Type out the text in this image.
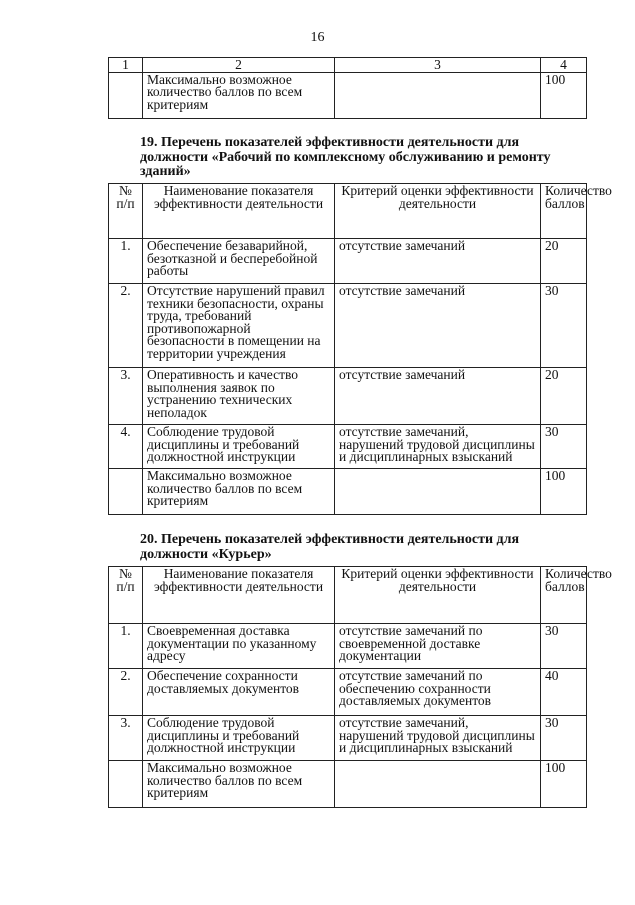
16
1	2	3	4
	Максимально возможное количество баллов по всем критериям		100
19. Перечень показателей эффективности деятельности для должности «Рабочий по комплексному обслуживанию и ремонту зданий»
№ п/п	Наименование показателя эффективности деятельности	Критерий оценки эффективности деятельности	Количество баллов
1.	Обеспечение безаварийной, безотказной и бесперебойной работы	отсутствие замечаний	20
2.	Отсутствие нарушений правил техники безопасности, охраны труда, требований противопожарной безопасности в помещении на территории учреждения	отсутствие замечаний	30
3.	Оперативность и качество выполнения заявок по устранению технических неполадок	отсутствие замечаний	20
4.	Соблюдение трудовой дисциплины и требований должностной инструкции	отсутствие замечаний, нарушений трудовой дисциплины и дисциплинарных взысканий	30
	Максимально возможное количество баллов по всем критериям		100
20. Перечень показателей эффективности деятельности для должности «Курьер»
№ п/п	Наименование показателя эффективности деятельности	Критерий оценки эффективности деятельности	Количество баллов
1.	Своевременная доставка документации по указанному адресу	отсутствие замечаний по своевременной доставке документации	30
2.	Обеспечение сохранности доставляемых документов	отсутствие замечаний по обеспечению сохранности доставляемых документов	40
3.	Соблюдение трудовой дисциплины и требований должностной инструкции	отсутствие замечаний, нарушений трудовой дисциплины и дисциплинарных взысканий	30
	Максимально возможное количество баллов по всем критериям		100
